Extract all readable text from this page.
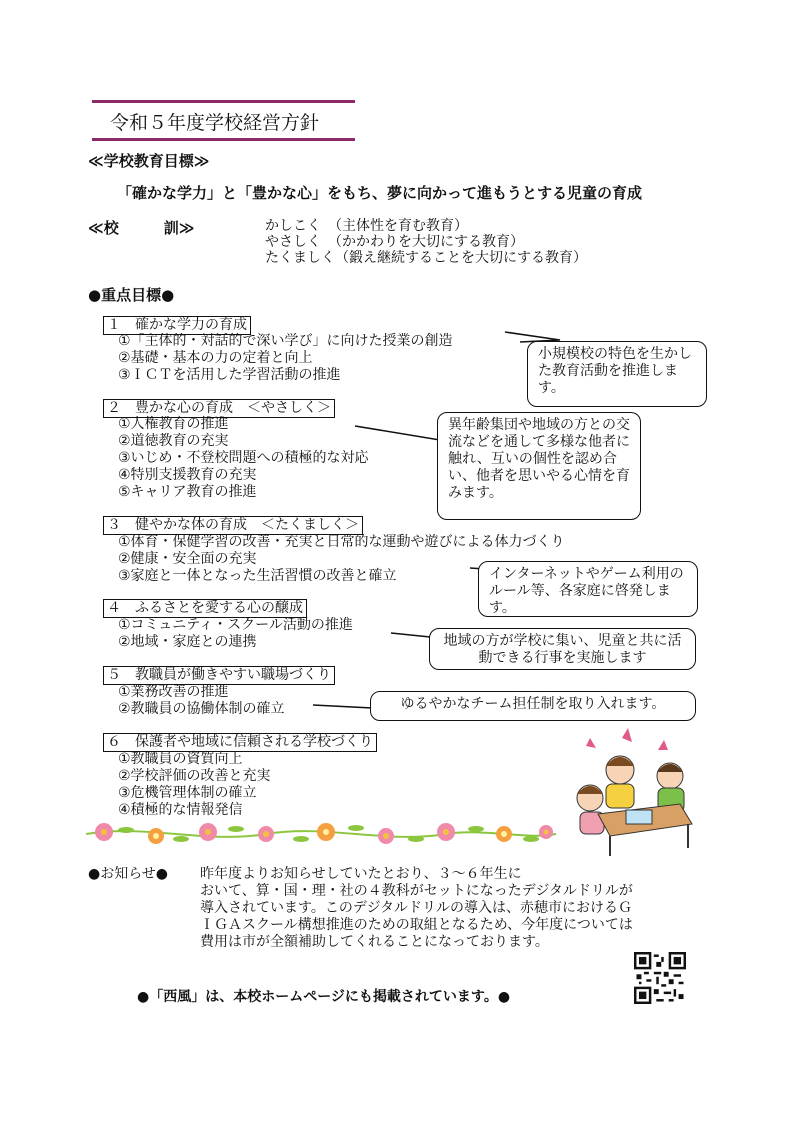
令和５年度学校経営方針
≪学校教育目標≫
「確かな学力」と「豊かな心」をもち、夢に向かって進もうとする児童の育成
≪校　　　訓≫	かしこく　（主体性を育む教育）
やさしく　（かかわりを大切にする教育）
たくましく（鍛え継続することを大切にする教育）
●重点目標●
１　確かな学力の育成
①「主体的・対話的で深い学び」に向けた授業の創造
②基礎・基本の力の定着と向上
③ＩＣＴを活用した学習活動の推進
２　豊かな心の育成　＜やさしく＞
①人権教育の推進
②道徳教育の充実
③いじめ・不登校問題への積極的な対応
④特別支援教育の充実
⑤キャリア教育の推進
３　健やかな体の育成　＜たくましく＞
①体育・保健学習の改善・充実と日常的な運動や遊びによる体力づくり
②健康・安全面の充実
③家庭と一体となった生活習慣の改善と確立
４　ふるさとを愛する心の醸成
①コミュニティ・スクール活動の推進
②地域・家庭との連携
５　教職員が働きやすい職場づくり
①業務改善の推進
②教職員の協働体制の確立
６　保護者や地域に信頼される学校づくり
①教職員の資質向上
②学校評価の改善と充実
③危機管理体制の確立
④積極的な情報発信
小規模校の特色を生かした教育活動を推進します。
異年齢集団や地域の方との交流などを通して多様な他者に触れ、互いの個性を認め合い、他者を思いやる心情を育みます。
インターネットやゲーム利用のルール等、各家庭に啓発します。
地域の方が学校に集い、児童と共に活動できる行事を実施します
ゆるやかなチーム担任制を取り入れます。
●お知らせ● 昨年度よりお知らせしていたとおり、３～６年生に
おいて、算・国・理・社の４教科がセットになったデジタルドリルが
導入されています。このデジタルドリルの導入は、赤穂市におけるＧ
ＩＧＡスクール構想推進のための取組となるため、今年度については
費用は市が全額補助してくれることになっております。
●「西風」は、本校ホームページにも掲載されています。●
